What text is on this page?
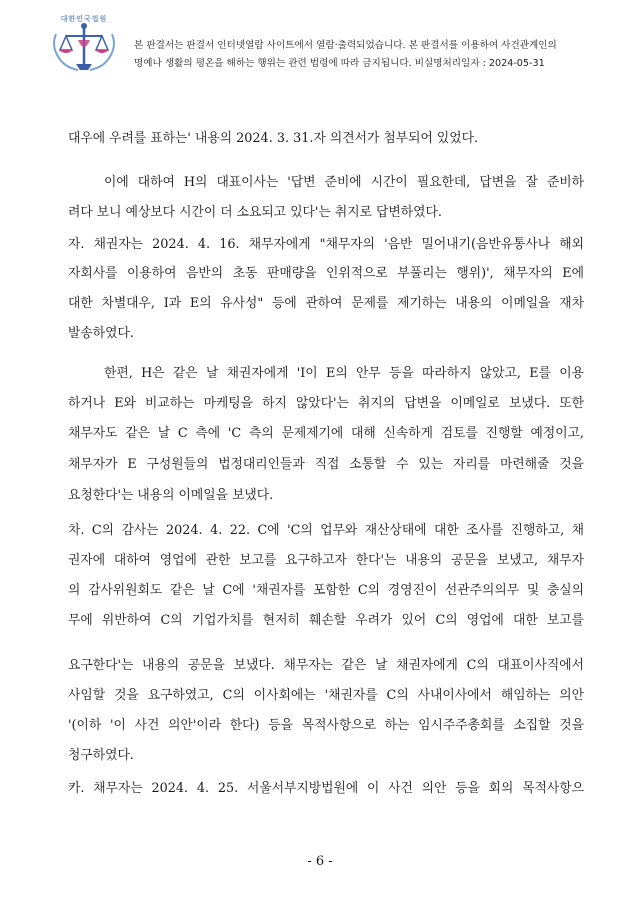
대한민국법원
본 판결서는 판결서 인터넷열람 사이트에서 열람·출력되었습니다. 본 판결서를 이용하여 사건관계인의
명예나 생활의 평온을 해하는 행위는 관련 법령에 따라 금지됩니다. 비실명처리일자 : 2024-05-31
대우에 우려를 표하는' 내용의 2024. 3. 31.자 의견서가 첨부되어 있었다.
이에 대하여 H의 대표이사는 '답변 준비에 시간이 필요한데, 답변을 잘 준비하
려다 보니 예상보다 시간이 더 소요되고 있다'는 취지로 답변하였다.
자. 채권자는 2024. 4. 16. 채무자에게 "채무자의 '음반 밀어내기(음반유통사나 해외
자회사를 이용하여 음반의 초동 판매량을 인위적으로 부풀리는 행위)', 채무자의 E에
대한 차별대우, I과 E의 유사성" 등에 관하여 문제를 제기하는 내용의 이메일을 재차
발송하였다.
한편, H은 같은 날 채권자에게 'I이 E의 안무 등을 따라하지 않았고, E를 이용
하거나 E와 비교하는 마케팅을 하지 않았다'는 취지의 답변을 이메일로 보냈다. 또한
채무자도 같은 날 C 측에 'C 측의 문제제기에 대해 신속하게 검토를 진행할 예정이고,
채무자가 E 구성원들의 법정대리인들과 직접 소통할 수 있는 자리를 마련해줄 것을
요청한다'는 내용의 이메일을 보냈다.
차. C의 감사는 2024. 4. 22. C에 'C의 업무와 재산상태에 대한 조사를 진행하고, 채
권자에 대하여 영업에 관한 보고를 요구하고자 한다'는 내용의 공문을 보냈고, 채무자
의 감사위원회도 같은 날 C에 '채권자를 포함한 C의 경영진이 선관주의의무 및 충실의
무에 위반하여 C의 기업가치를 현저히 훼손할 우려가 있어 C의 영업에 대한 보고를
요구한다'는 내용의 공문을 보냈다. 채무자는 같은 날 채권자에게 C의 대표이사직에서
사임할 것을 요구하였고, C의 이사회에는 '채권자를 C의 사내이사에서 해임하는 의안
'(이하 '이 사건 의안'이라 한다) 등을 목적사항으로 하는 임시주주총회를 소집할 것을
청구하였다.
카. 채무자는 2024. 4. 25. 서울서부지방법원에 이 사건 의안 등을 회의 목적사항으
- 6 -
